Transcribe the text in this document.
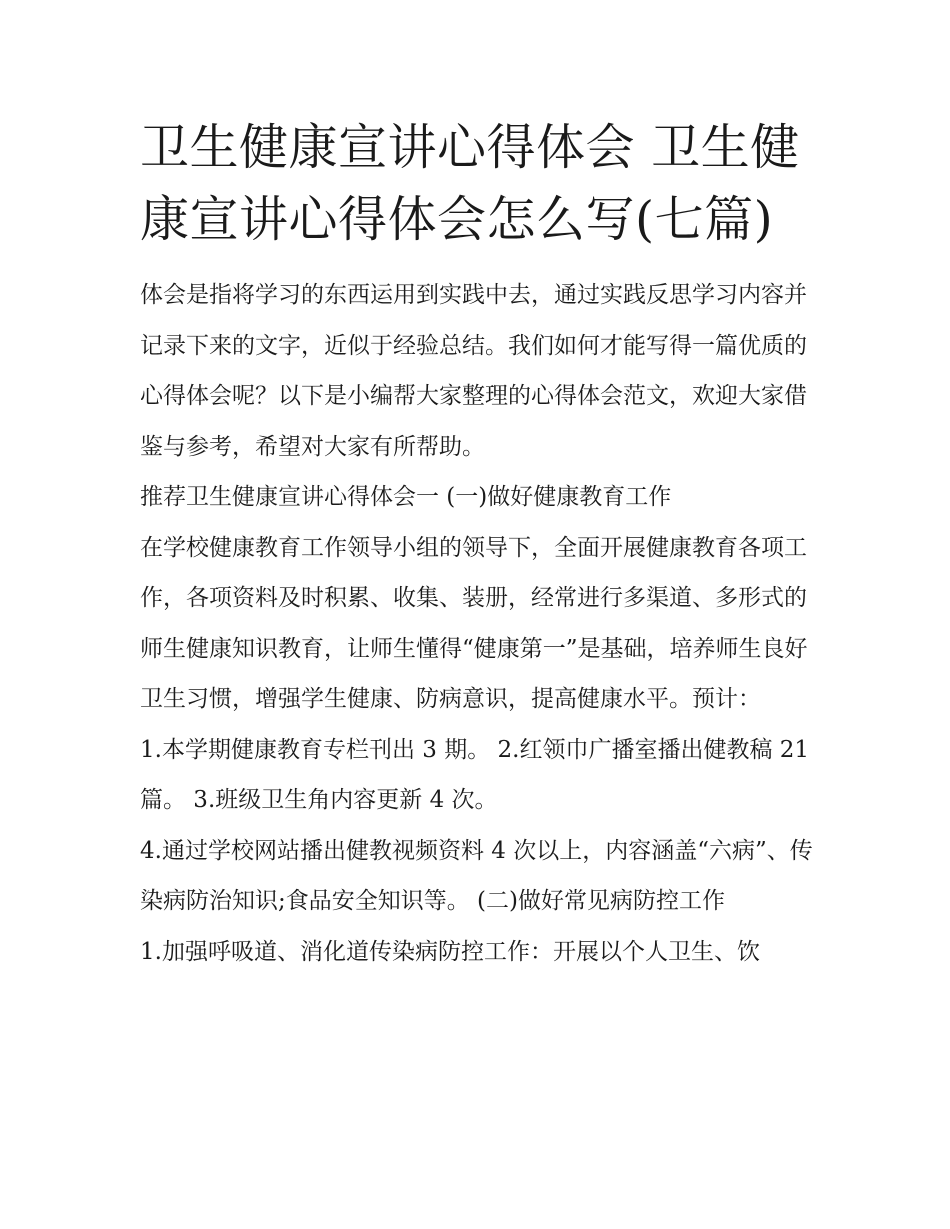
卫生健康宣讲心得体会 卫生健康宣讲心得体会怎么写(七篇)

体会是指将学习的东西运用到实践中去，通过实践反思学习内容并记录下来的文字，近似于经验总结。我们如何才能写得一篇优质的心得体会呢？以下是小编帮大家整理的心得体会范文，欢迎大家借鉴与参考，希望对大家有所帮助。

推荐卫生健康宣讲心得体会一 (一)做好健康教育工作

在学校健康教育工作领导小组的领导下，全面开展健康教育各项工作，各项资料及时积累、收集、装册，经常进行多渠道、多形式的师生健康知识教育，让师生懂得“健康第一”是基础，培养师生良好卫生习惯，增强学生健康、防病意识，提高健康水平。预计：

1.本学期健康教育专栏刊出 3 期。 2.红领巾广播室播出健教稿 21 篇。 3.班级卫生角内容更新 4 次。

4.通过学校网站播出健教视频资料 4 次以上，内容涵盖“六病”、传染病防治知识;食品安全知识等。 (二)做好常见病防控工作

1.加强呼吸道、消化道传染病防控工作：开展以个人卫生、饮
